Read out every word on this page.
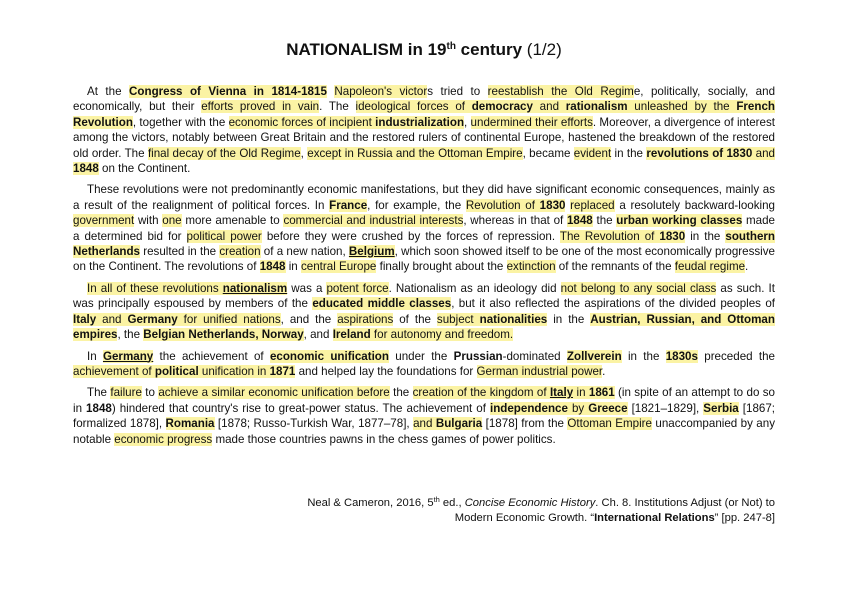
NATIONALISM in 19th century (1/2)

At the Congress of Vienna in 1814-1815 Napoleon's victors tried to reestablish the Old Regime, politically, socially, and economically, but their efforts proved in vain. The ideological forces of democracy and rationalism unleashed by the French Revolution, together with the economic forces of incipient industrialization, undermined their efforts. Moreover, a divergence of interest among the victors, notably between Great Britain and the restored rulers of continental Europe, hastened the breakdown of the restored old order. The final decay of the Old Regime, except in Russia and the Ottoman Empire, became evident in the revolutions of 1830 and 1848 on the Continent.

These revolutions were not predominantly economic manifestations, but they did have significant economic consequences, mainly as a result of the realignment of political forces. In France, for example, the Revolution of 1830 replaced a resolutely backward-looking government with one more amenable to commercial and industrial interests, whereas in that of 1848 the urban working classes made a determined bid for political power before they were crushed by the forces of repression. The Revolution of 1830 in the southern Netherlands resulted in the creation of a new nation, Belgium, which soon showed itself to be one of the most economically progressive on the Continent. The revolutions of 1848 in central Europe finally brought about the extinction of the remnants of the feudal regime.

In all of these revolutions nationalism was a potent force. Nationalism as an ideology did not belong to any social class as such. It was principally espoused by members of the educated middle classes, but it also reflected the aspirations of the divided peoples of Italy and Germany for unified nations, and the aspirations of the subject nationalities in the Austrian, Russian, and Ottoman empires, the Belgian Netherlands, Norway, and Ireland for autonomy and freedom.

In Germany the achievement of economic unification under the Prussian-dominated Zollverein in the 1830s preceded the achievement of political unification in 1871 and helped lay the foundations for German industrial power.

The failure to achieve a similar economic unification before the creation of the kingdom of Italy in 1861 (in spite of an attempt to do so in 1848) hindered that country's rise to great-power status. The achievement of independence by Greece [1821–1829], Serbia [1867; formalized 1878], Romania [1878; Russo-Turkish War, 1877–78], and Bulgaria [1878] from the Ottoman Empire unaccompanied by any notable economic progress made those countries pawns in the chess games of power politics.

Neal & Cameron, 2016, 5th ed., Concise Economic History. Ch. 8. Institutions Adjust (or Not) to Modern Economic Growth. “International Relations” [pp. 247-8]
